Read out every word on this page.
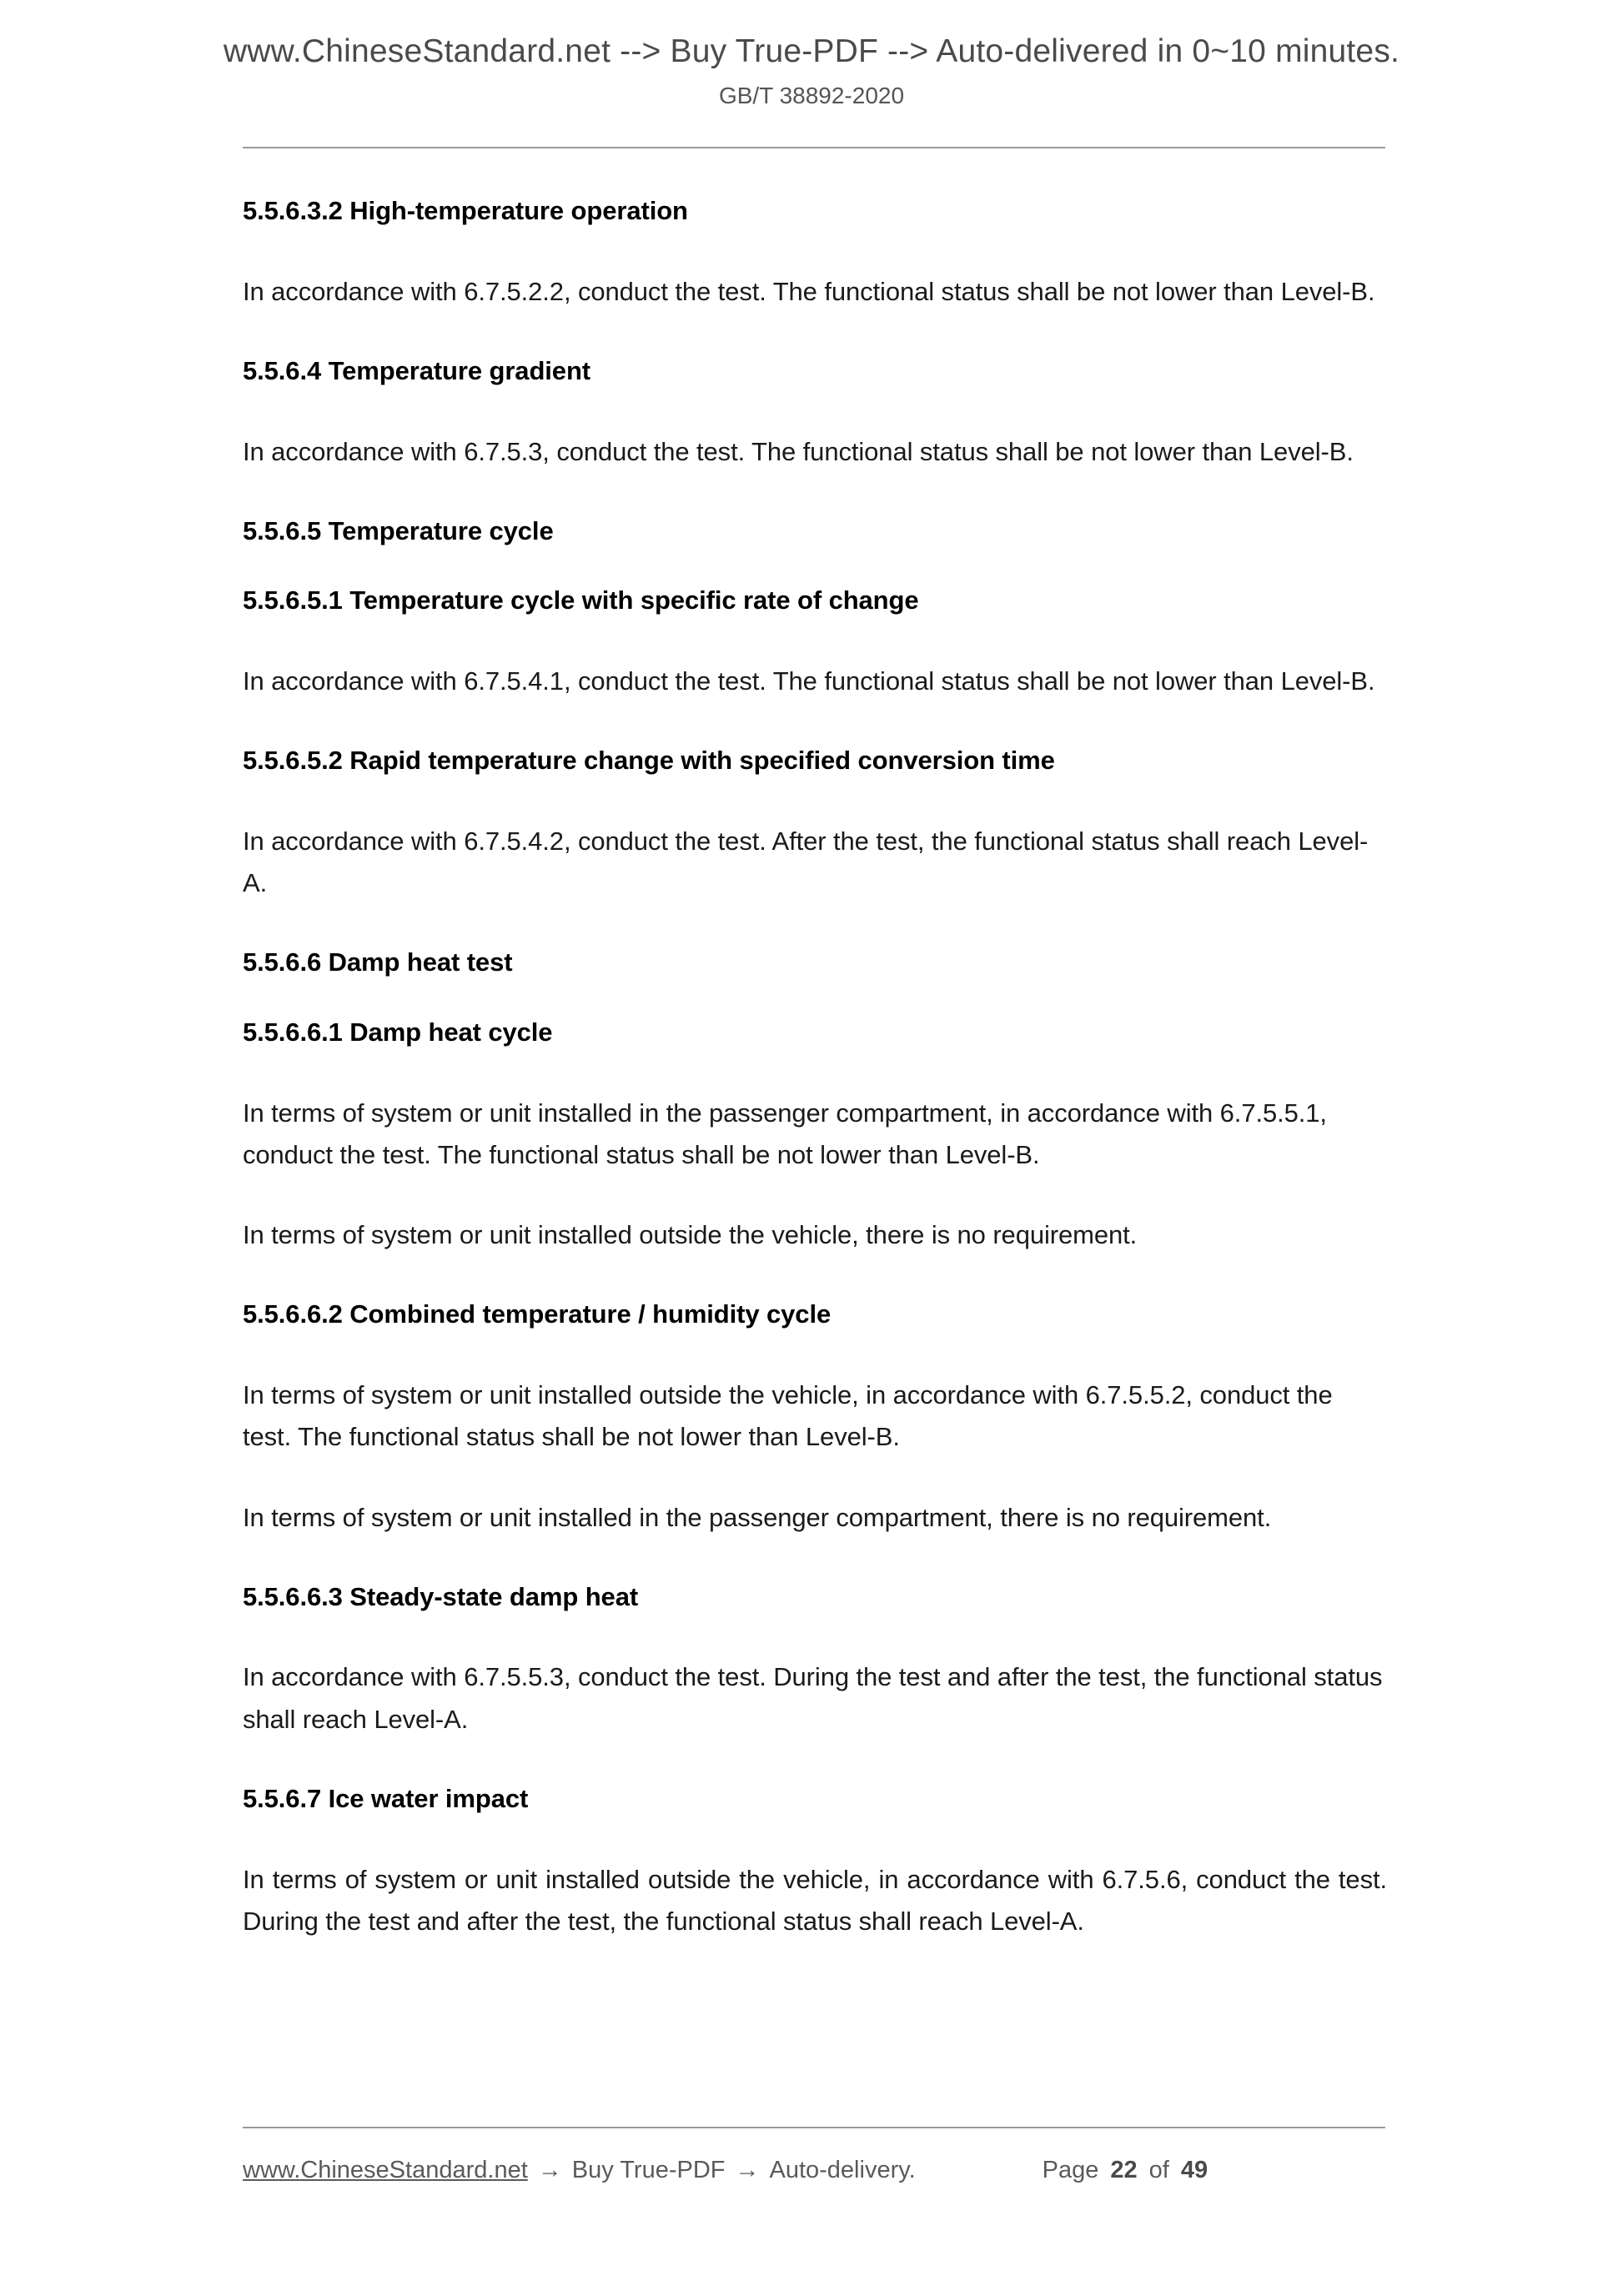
www.ChineseStandard.net --> Buy True-PDF --> Auto-delivered in 0~10 minutes.
GB/T 38892-2020
5.5.6.3.2 High-temperature operation

In accordance with 6.7.5.2.2, conduct the test. The functional status shall be not lower than Level-B.

5.5.6.4 Temperature gradient

In accordance with 6.7.5.3, conduct the test. The functional status shall be not lower than Level-B.

5.5.6.5 Temperature cycle
5.5.6.5.1 Temperature cycle with specific rate of change

In accordance with 6.7.5.4.1, conduct the test. The functional status shall be not lower than Level-B.

5.5.6.5.2 Rapid temperature change with specified conversion time

In accordance with 6.7.5.4.2, conduct the test. After the test, the functional status shall reach Level-A.

5.5.6.6 Damp heat test
5.5.6.6.1 Damp heat cycle

In terms of system or unit installed in the passenger compartment, in accordance with 6.7.5.5.1, conduct the test. The functional status shall be not lower than Level-B.

In terms of system or unit installed outside the vehicle, there is no requirement.

5.5.6.6.2 Combined temperature / humidity cycle

In terms of system or unit installed outside the vehicle, in accordance with 6.7.5.5.2, conduct the test. The functional status shall be not lower than Level-B.

In terms of system or unit installed in the passenger compartment, there is no requirement.

5.5.6.6.3 Steady-state damp heat

In accordance with 6.7.5.5.3, conduct the test. During the test and after the test, the functional status shall reach Level-A.

5.5.6.7 Ice water impact

In terms of system or unit installed outside the vehicle, in accordance with 6.7.5.6, conduct the test. During the test and after the test, the functional status shall reach Level-A.

www.ChineseStandard.net → Buy True-PDF → Auto-delivery.	Page 22 of 49
